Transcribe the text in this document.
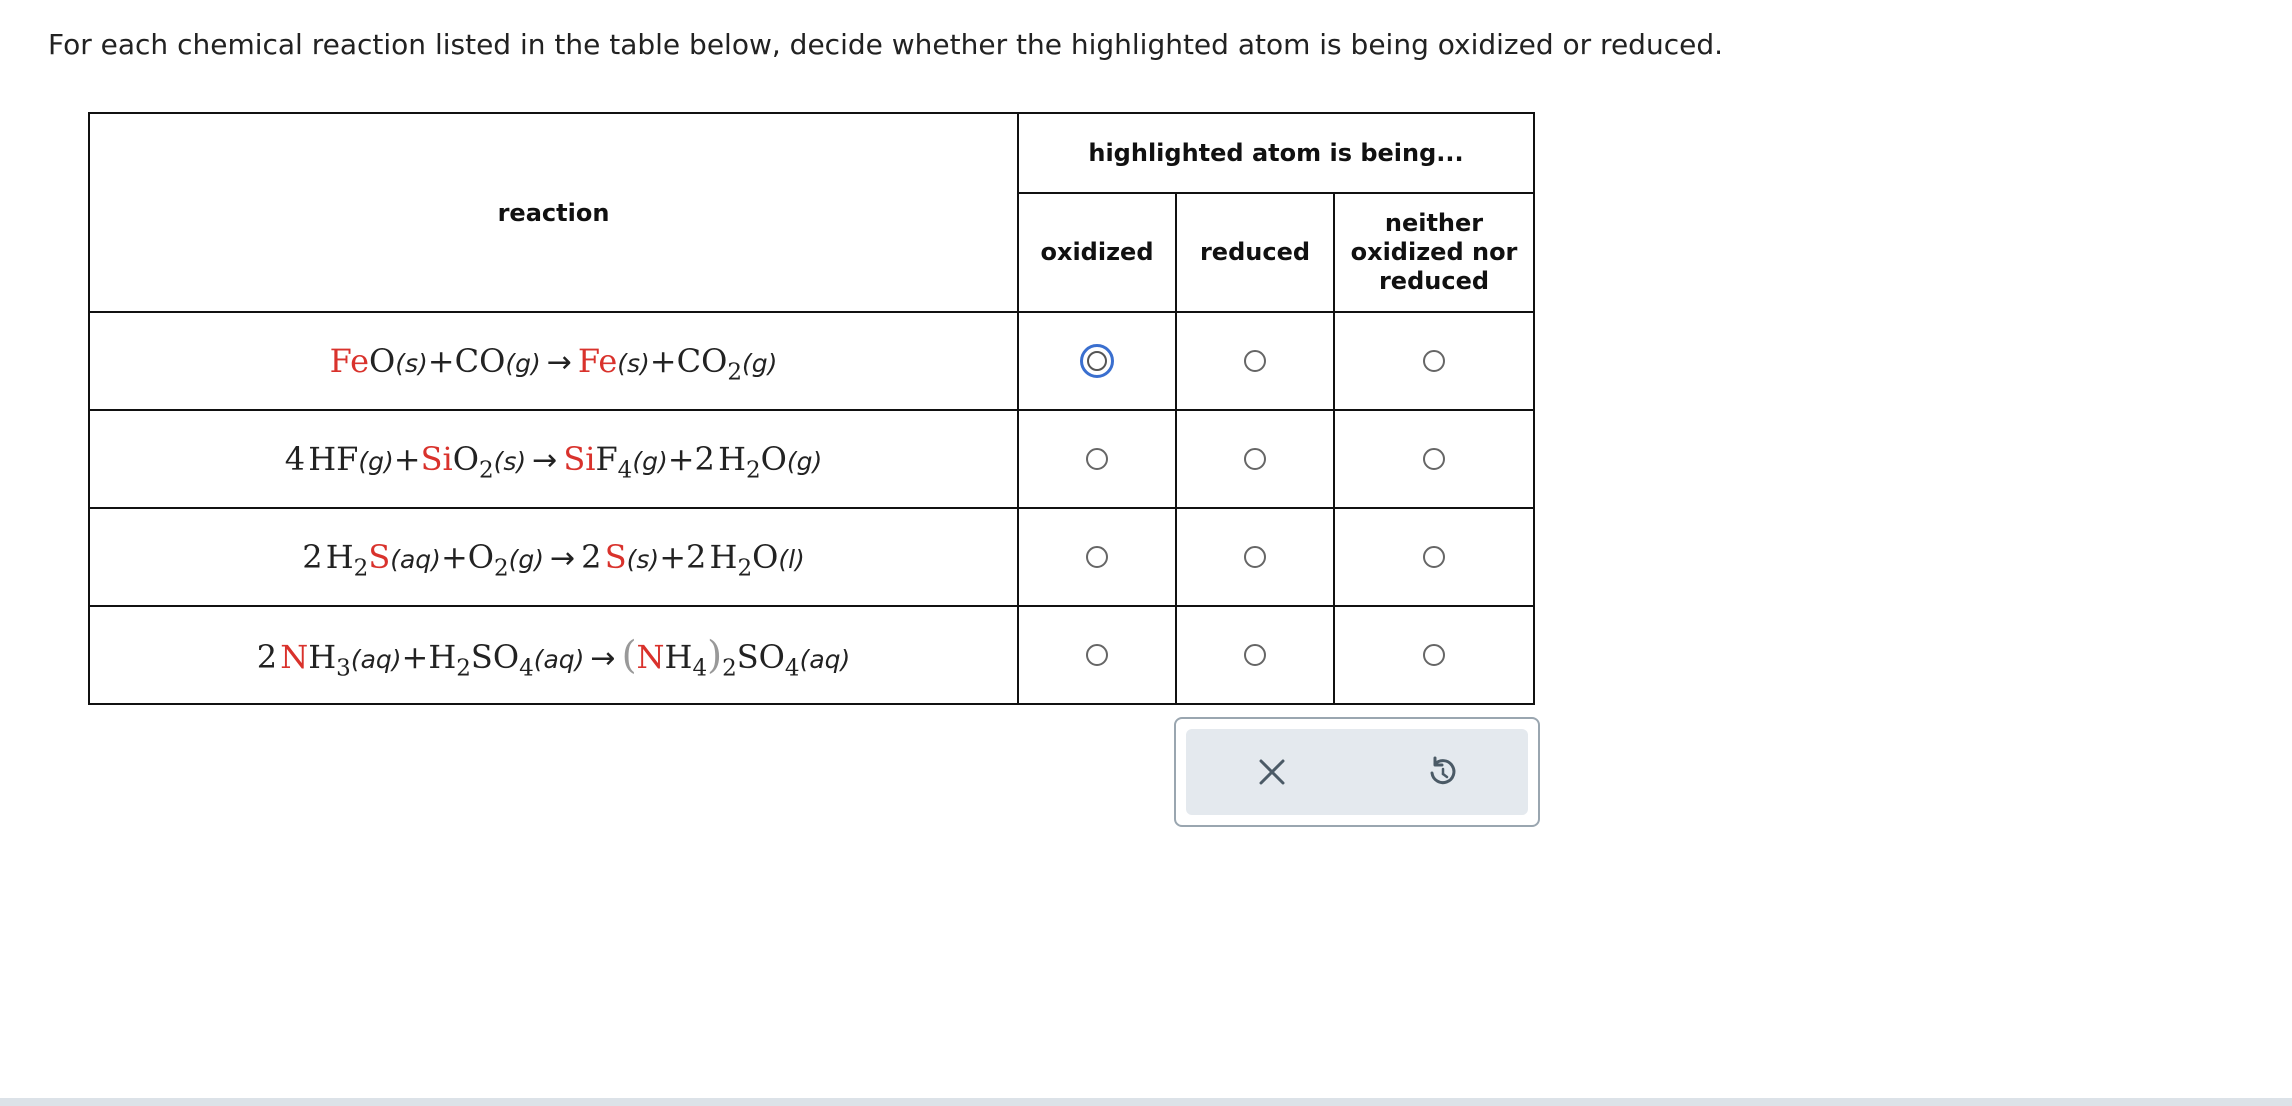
For each chemical reaction listed in the table below, decide whether the highlighted atom is being oxidized or reduced.
reaction	highlighted atom is being...		
	oxidized	reduced	neither
oxidized nor
reduced
$FeO(s)+CO(g) \to Fe(s)+CO_2(g)$	

4 HF(g)+SiO$_2$(s) → SiF$_4$(g)+2 $H_2O(g)$			
2 $H_2S(aq)+O_2(g) \to 2$ S(s)+2 $H_2O(l)$			
2 $NH_3(aq)+H_2SO_4(aq) \to (NH_4)_2SO_4(aq)$			
